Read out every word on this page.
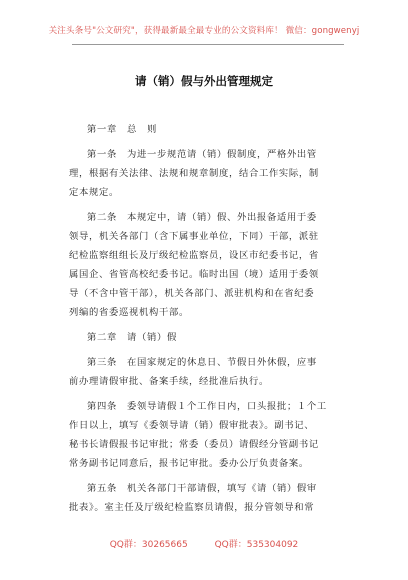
关注头条号"公文研究"，获得最新最全最专业的公文资料库！ 微信：gongwenyj
请（销）假与外出管理规定
第一章　总　则
第一条　为进一步规范请（销）假制度，严格外出管
理，根据有关法律、法规和规章制度，结合工作实际，制
定本规定。
第二条　本规定中，请（销）假、外出报备适用于委
领导，机关各部门（含下属事业单位，下同）干部，派驻
纪检监察组组长及厅级纪检监察员，设区市纪委书记，省
属国企、省管高校纪委书记。临时出国（境）适用于委领
导（不含中管干部），机关各部门、派驻机构和在省纪委
列编的省委巡视机构干部。
第二章　请（销）假
第三条　在国家规定的休息日、节假日外休假，应事
前办理请假审批、备案手续，经批准后执行。
第四条　委领导请假１个工作日内，口头报批；１个工
作日以上，填写《委领导请（销）假审批表》。副书记、
秘书长请假报书记审批；常委（委员）请假经分管副书记
常务副书记同意后，报书记审批。委办公厅负责备案。
第五条　机关各部门干部请假，填写《请（销）假审
批表》。室主任及厅级纪检监察员请假，报分管领导和常
QQ群：30265665	QQ群：535304092
